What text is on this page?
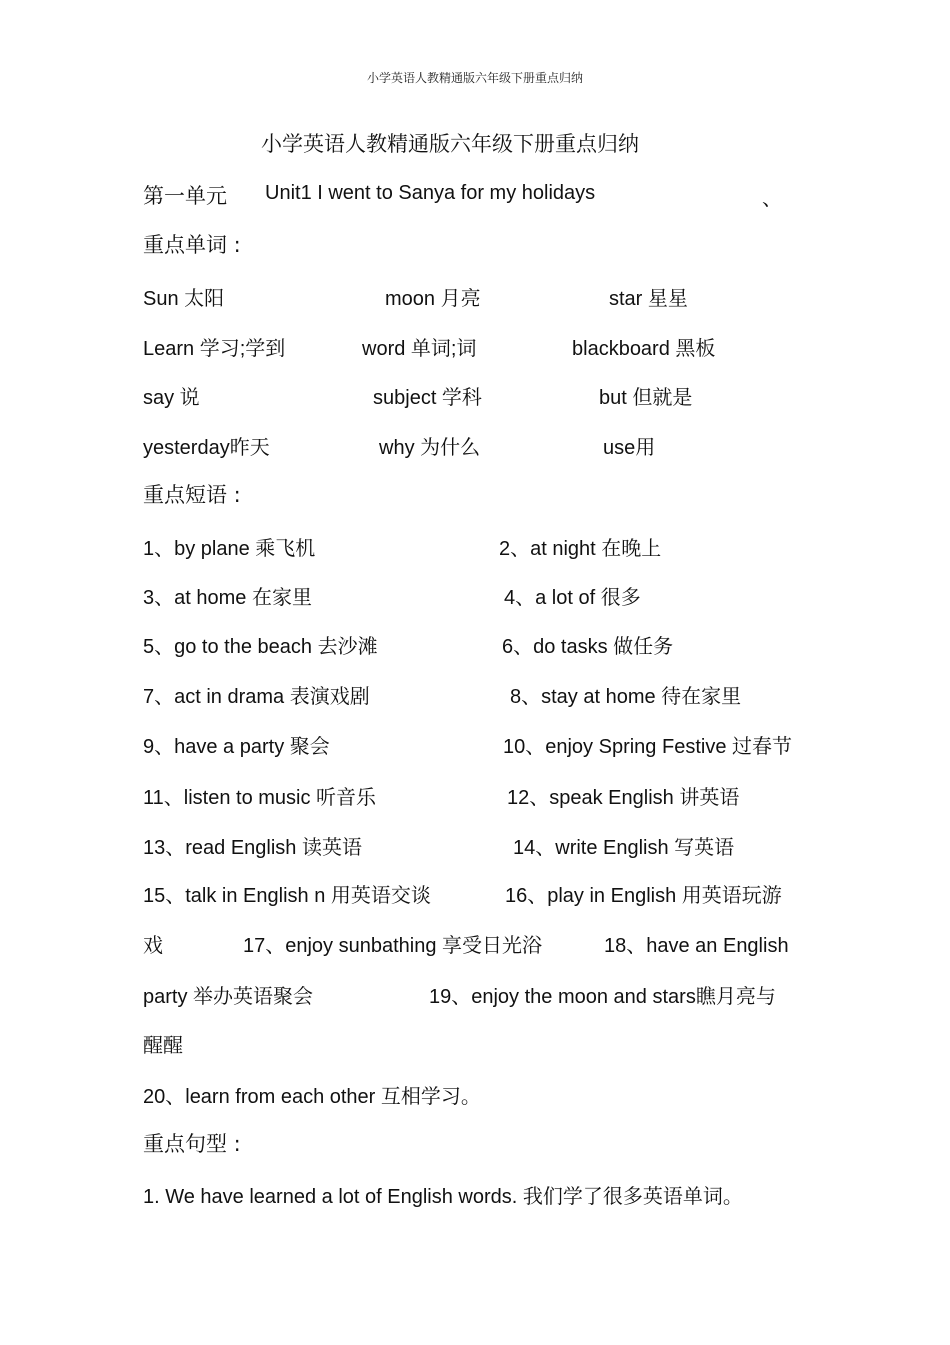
小学英语人教精通版六年级下册重点归纳
小学英语人教精通版六年级下册重点归纳
第一单元 Unit1 I went to Sanya for my holidays	、
重点单词 :
Sun 太阳	moon 月亮	star 星星
Learn 学习;学到	word 单词;词	blackboard 黑板
say 说	subject 学科	but 但就是
yesterday昨天	why 为什么	use用
重点短语 :
1、by plane 乘飞机	2、at night 在晚上
3、at home 在家里	4、a lot of 很多
5、go to the beach 去沙滩	6、do tasks 做任务
7、act in drama 表演戏剧	8、stay at home 待在家里
9、have a party 聚会	10、enjoy Spring Festive 过春节
11、listen to music 听音乐	12、speak English 讲英语
13、read English 读英语	14、write English 写英语
15、talk in English n 用英语交谈	16、play in English 用英语玩游
戏	17、enjoy sunbathing 享受日光浴	18、have an English
party 举办英语聚会	19、enjoy the moon and stars瞧月亮与
醒醒
20、learn from each other 互相学习。
重点句型 :
1. We have learned a lot of English words. 我们学了很多英语单词。
